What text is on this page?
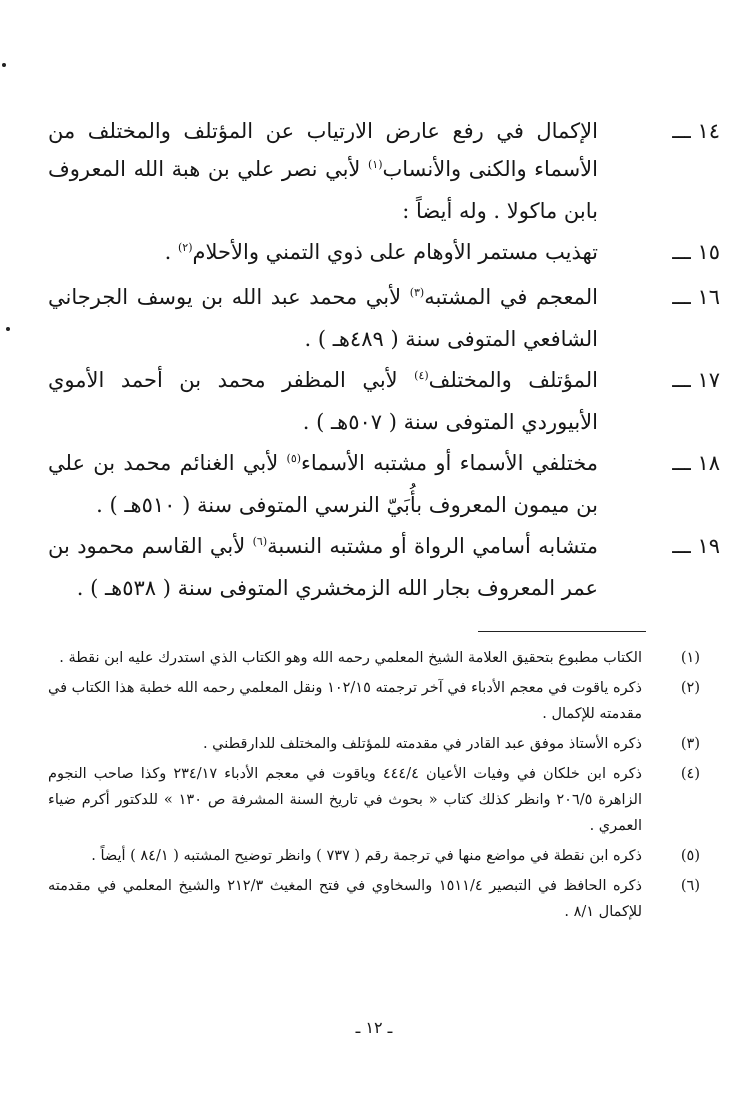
١٤ ـــ
الإكمال في رفع عارض الارتياب عن المؤتلف والمختلف من الأسماء والكنى والأنساب$^{(١)}$ لأبي نصر علي بن هبة الله المعروف بابن ماكولا . وله أيضاً :
١٥ ـــ
تهذيب مستمر الأوهام على ذوي التمني والأحلام$^{(٢)}$ .
١٦ ـــ
المعجم في المشتبه$^{(٣)}$ لأبي محمد عبد الله بن يوسف الجرجاني الشافعي المتوفى سنة ( ٤٨٩هـ ) .
١٧ ـــ
المؤتلف والمختلف$^{(٤)}$ لأبي المظفر محمد بن أحمد الأموي الأبيوردي المتوفى سنة ( ٥٠٧هـ ) .
١٨ ـــ
مختلفي الأسماء أو مشتبه الأسماء$^{(٥)}$ لأبي الغنائم محمد بن علي بن ميمون المعروف بأُبَيّ النرسي المتوفى سنة ( ٥١٠هـ ) .
١٩ ـــ
متشابه أسامي الرواة أو مشتبه النسبة$^{(٦)}$ لأبي القاسم محمود بن عمر المعروف بجار الله الزمخشري المتوفى سنة ( ٥٣٨هـ ) .
(١)
الكتاب مطبوع بتحقيق العلامة الشيخ المعلمي رحمه الله وهو الكتاب الذي استدرك عليه ابن نقطة .
(٢)
ذكره ياقوت في معجم الأدباء في آخر ترجمته ١٠٢/١٥ ونقل المعلمي رحمه الله خطبة هذا الكتاب في مقدمته للإكمال .
(٣)
ذكره الأستاذ موفق عبد القادر في مقدمته للمؤتلف والمختلف للدارقطني .
(٤)
ذكره ابن خلكان في وفيات الأعيان ٤٤٤/٤ وياقوت في معجم الأدباء ٢٣٤/١٧ وكذا صاحب النجوم الزاهرة ٢٠٦/٥ وانظر كذلك كتاب « بحوث في تاريخ السنة المشرفة ص ١٣٠ » للدكتور أكرم ضياء العمري .
(٥)
ذكره ابن نقطة في مواضع منها في ترجمة رقم ( ٧٣٧ ) وانظر توضيح المشتبه ( ٨٤/١ ) أيضاً .
(٦)
ذكره الحافظ في التبصير ١٥١١/٤ والسخاوي في فتح المغيث ٢١٢/٣ والشيخ المعلمي في مقدمته للإكمال ٨/١ .
ـ ١٢ ـ
